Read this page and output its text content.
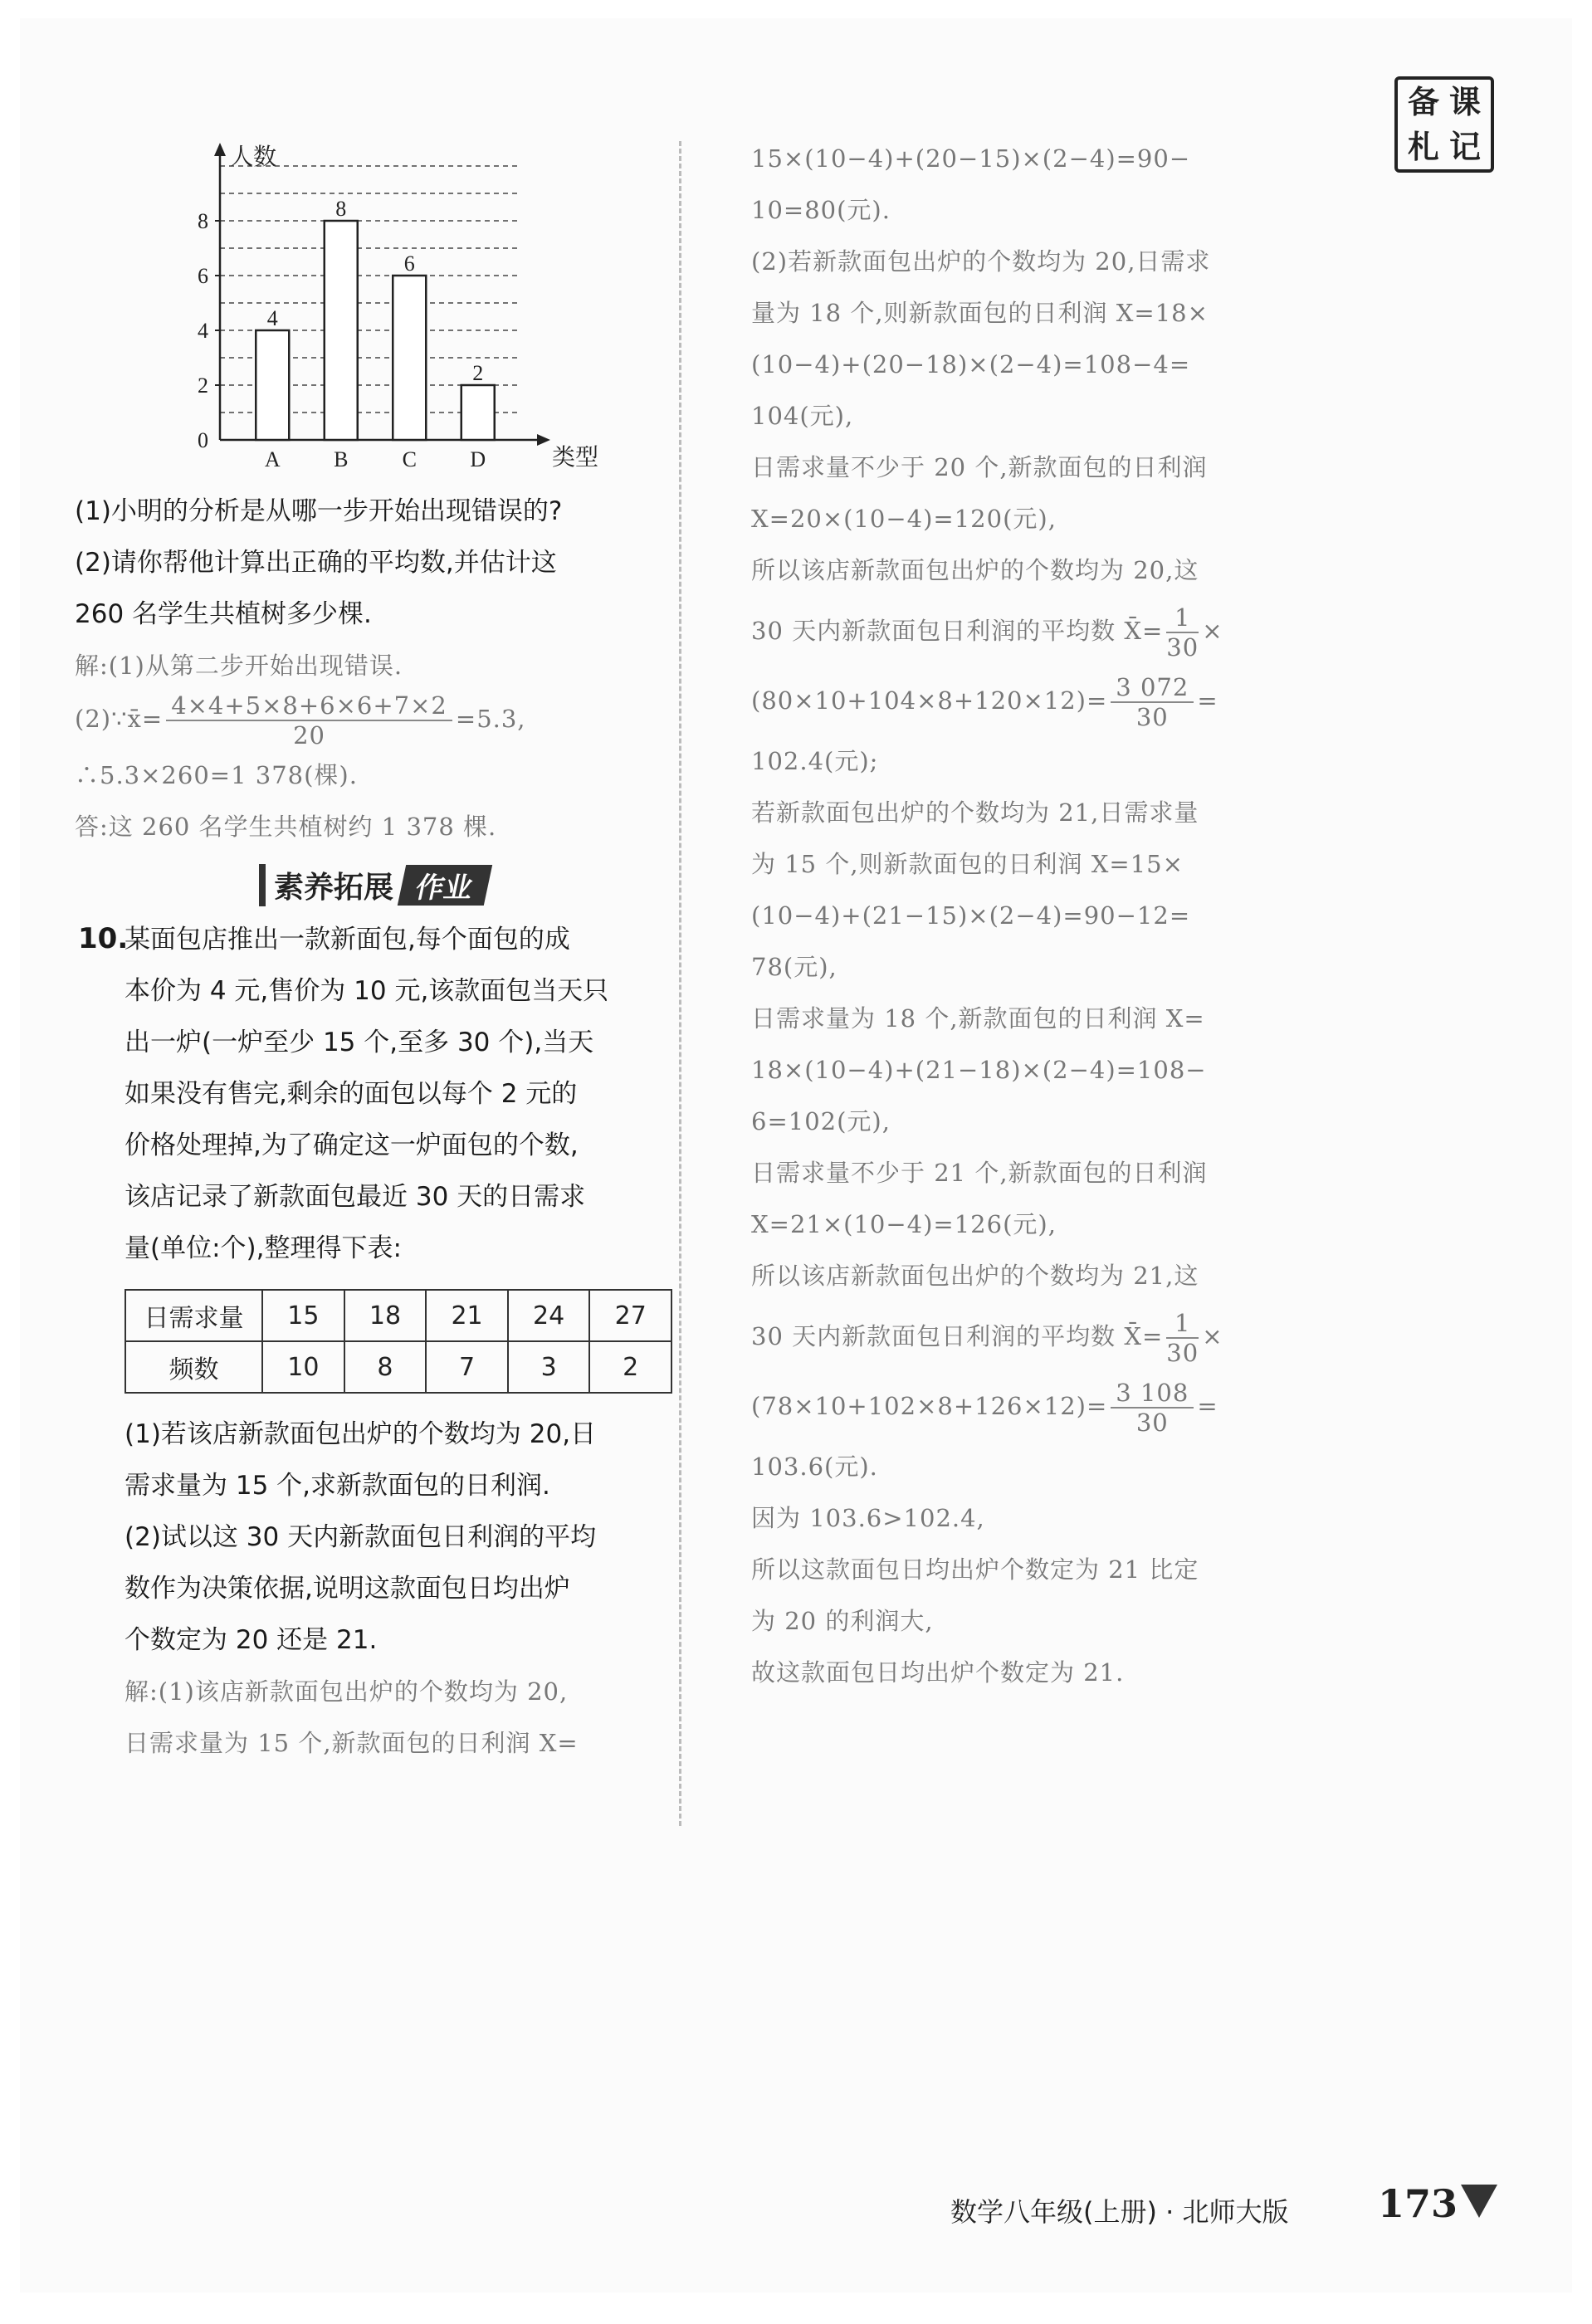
备 课
札 记
0
2
4
6
8
人数
类型
4
A
8
B
6
C
2
D
(1)小明的分析是从哪一步开始出现错误的?
(2)请你帮他计算出正确的平均数,并估计这
260 名学生共植树多少棵.
解:(1)从第二步开始出现错误.
(2)∵x̄= $\frac{4\times 4+5\times 8+6\times 6+7\times 2}{20} =5.3$,
∴5.3×260=1 378(棵).
答:这 260 名学生共植树约 1 378 棵.
素养拓展 作业
10.某面包店推出一款新面包,每个面包的成
本价为 4 元,售价为 10 元,该款面包当天只
出一炉(一炉至少 15 个,至多 30 个),当天
如果没有售完,剩余的面包以每个 2 元的
价格处理掉,为了确定这一炉面包的个数,
该店记录了新款面包最近 30 天的日需求
量(单位:个),整理得下表:
日需求量	15	18	21	24	27
频数	10	8	7	3	2
(1)若该店新款面包出炉的个数均为 20,日
需求量为 15 个,求新款面包的日利润.
(2)试以这 30 天内新款面包日利润的平均
数作为决策依据,说明这款面包日均出炉
个数定为 20 还是 21.
解:(1)该店新款面包出炉的个数均为 20,
日需求量为 15 个,新款面包的日利润 X=
15×(10−4)+(20−15)×(2−4)=90−
10=80(元).
(2)若新款面包出炉的个数均为 20,日需求
量为 18 个,则新款面包的日利润 X=18×
(10−4)+(20−18)×(2−4)=108−4=
104(元),
日需求量不少于 20 个,新款面包的日利润
X=20×(10−4)=120(元),
所以该店新款面包出炉的个数均为 20,这
30 天内新款面包日利润的平均数 X̄= $\frac{1}{30}$ ×
$(80\times 10+104\times 8+120\times 12)= \frac{3 072}{30}$ =
102.4(元);
若新款面包出炉的个数均为 21,日需求量
为 15 个,则新款面包的日利润 X=15×
(10−4)+(21−15)×(2−4)=90−12=
78(元),
日需求量为 18 个,新款面包的日利润 X=
18×(10−4)+(21−18)×(2−4)=108−
6=102(元),
日需求量不少于 21 个,新款面包的日利润
X=21×(10−4)=126(元),
所以该店新款面包出炉的个数均为 21,这
30 天内新款面包日利润的平均数 X̄= $\frac{1}{30}$ ×
$(78\times 10+102\times 8+126\times 12)= \frac{3 108}{30}$ =
103.6(元).
因为 103.6>102.4,
所以这款面包日均出炉个数定为 21 比定
为 20 的利润大,
故这款面包日均出炉个数定为 21.
数学八年级(上册) · 北师大版 173
